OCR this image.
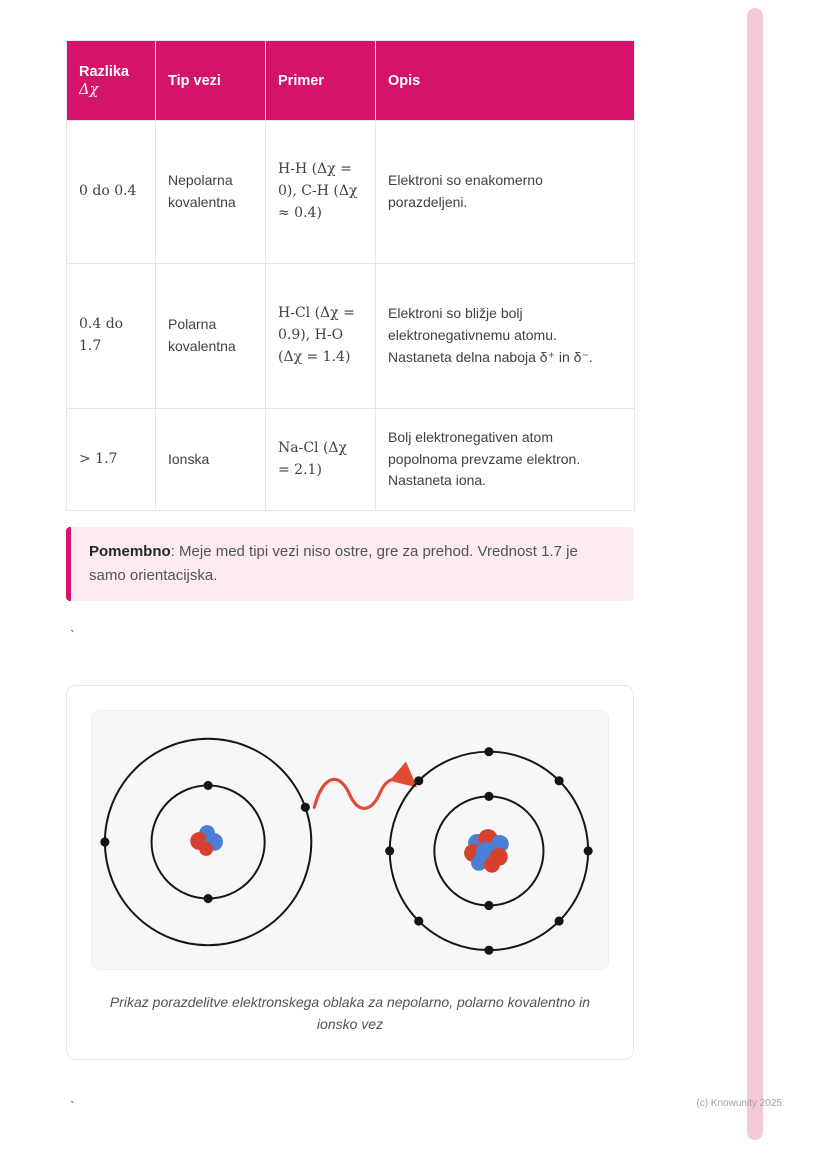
Razlika
Δχ	Tip vezi	Primer	Opis
0 do 0.4	Nepolarna kovalentna	H-H (Δχ = 0), C-H (Δχ ≈ 0.4)	Elektroni so enakomerno porazdeljeni.
0.4 do 1.7	Polarna kovalentna	H-Cl (Δχ = 0.9), H-O (Δχ = 1.4)	Elektroni so bližje bolj elektronegativnemu atomu. Nastaneta delna naboja δ⁺ in δ⁻.
> 1.7	Ionska	Na-Cl (Δχ = 2.1)	Bolj elektronegativen atom popolnoma prevzame elektron. Nastaneta iona.
Pomembno: Meje med tipi vezi niso ostre, gre za prehod. Vrednost 1.7 je samo orientacijska.
`
Prikaz porazdelitve elektronskega oblaka za nepolarno, polarno kovalentno in ionsko vez
`	(c) Knowunity 2025
